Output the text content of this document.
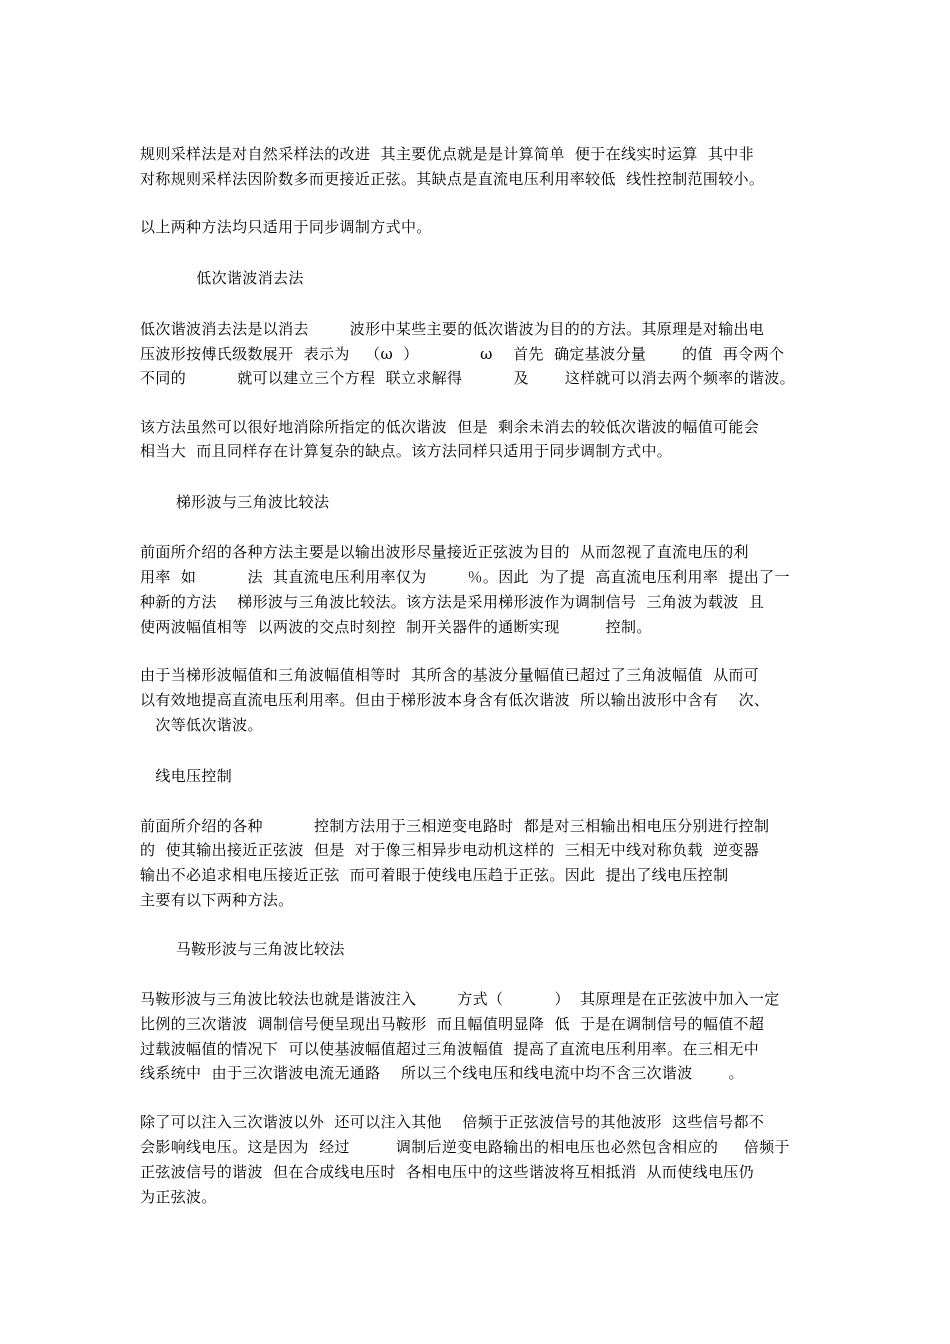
规则采样法是对自然采样法的改进  其主要优点就是是计算简单  便于在线实时运算  其中非
对称规则采样法因阶数多而更接近正弦。其缺点是直流电压利用率较低  线性控制范围较小。
以上两种方法均只适用于同步调制方式中。
低次谐波消去法
低次谐波消去法是以消去        波形中某些主要的低次谐波为目的的方法。其原理是对输出电
压波形按傅氏级数展开  表示为   （ω  ）            ω    首先  确定基波分量       的值  再令两个
不同的          就可以建立三个方程  联立求解得          及       这样就可以消去两个频率的谐波。
该方法虽然可以很好地消除所指定的低次谐波  但是  剩余未消去的较低次谐波的幅值可能会
相当大  而且同样存在计算复杂的缺点。该方法同样只适用于同步调制方式中。
梯形波与三角波比较法
前面所介绍的各种方法主要是以输出波形尽量接近正弦波为目的  从而忽视了直流电压的利
用率  如          法  其直流电压利用率仅为        ％。因此  为了提  高直流电压利用率  提出了一
种新的方法    梯形波与三角波比较法。该方法是采用梯形波作为调制信号  三角波为载波  且
使两波幅值相等  以两波的交点时刻控  制开关器件的通断实现         控制。
由于当梯形波幅值和三角波幅值相等时  其所含的基波分量幅值已超过了三角波幅值  从而可
以有效地提高直流电压利用率。但由于梯形波本身含有低次谐波  所以输出波形中含有    次、
次等低次谐波。
线电压控制
前面所介绍的各种          控制方法用于三相逆变电路时  都是对三相输出相电压分别进行控制
的  使其输出接近正弦波  但是  对于像三相异步电动机这样的  三相无中线对称负载  逆变器
输出不必追求相电压接近正弦  而可着眼于使线电压趋于正弦。因此  提出了线电压控制
主要有以下两种方法。
马鞍形波与三角波比较法
马鞍形波与三角波比较法也就是谐波注入        方式（          ）  其原理是在正弦波中加入一定
比例的三次谐波  调制信号便呈现出马鞍形  而且幅值明显降  低  于是在调制信号的幅值不超
过载波幅值的情况下  可以使基波幅值超过三角波幅值  提高了直流电压利用率。在三相无中
线系统中  由于三次谐波电流无通路    所以三个线电压和线电流中均不含三次谐波       。
除了可以注入三次谐波以外  还可以注入其他    倍频于正弦波信号的其他波形  这些信号都不
会影响线电压。这是因为  经过         调制后逆变电路输出的相电压也必然包含相应的     倍频于
正弦波信号的谐波  但在合成线电压时  各相电压中的这些谐波将互相抵消  从而使线电压仍
为正弦波。
